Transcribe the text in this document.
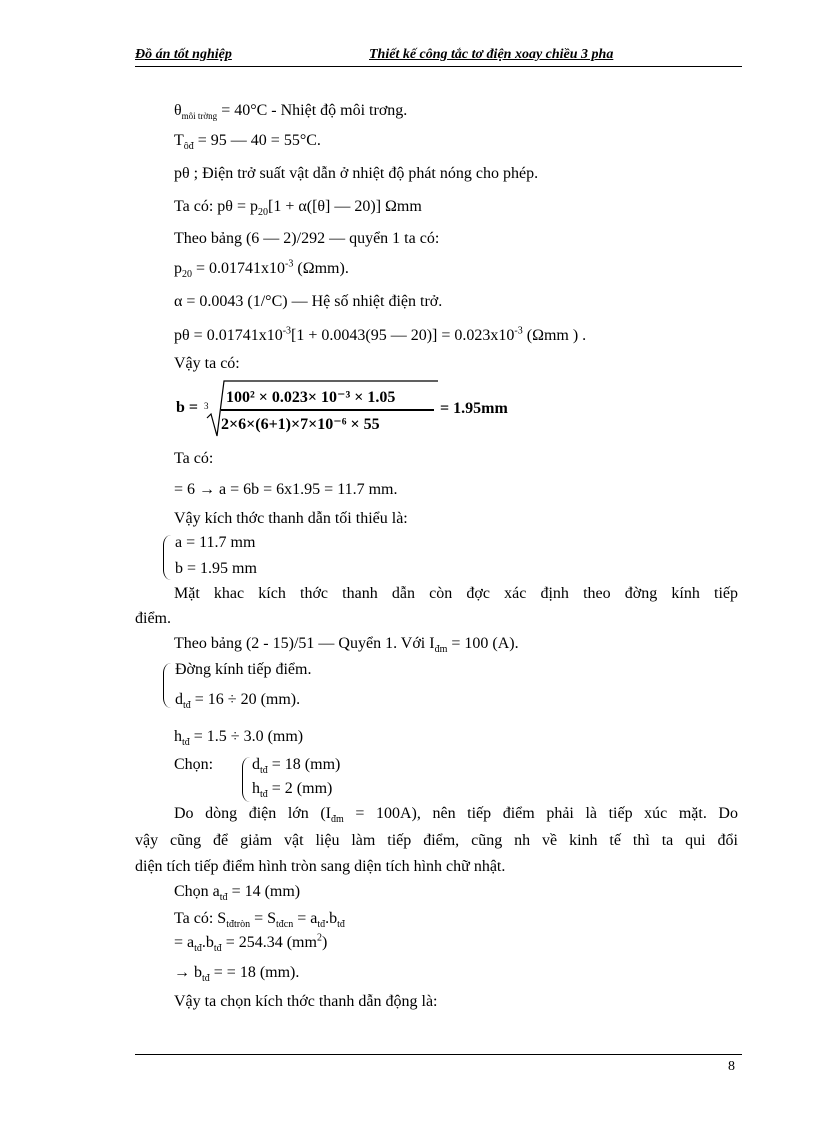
Đồ án tốt nghiệp	Thiết kế công tắc tơ điện xoay chiều 3 pha
$\theta_{môi trờng} = 40^\circ C$ - Nhiệt độ môi trơng.
$T_{ôđ} = 95$ — 40 = 55°C.
pθ ; Điện trở suất vật dẫn ở nhiệt độ phát nóng cho phép.
Ta có: $p\theta = p_{20}[1 + \alpha([\theta]$ — 20)] Ωmm
Theo bảng (6 — 2)/292 — quyển 1 ta có:
$p_{20} = 0.01741x10^{-3}$ (Ωmm).
α = 0.0043 (1/°C) — Hệ số nhiệt điện trở.
$p\theta = 0.01741x10^{-3}[1 + 0.0043(95$ — $20)] = 0.023x10^{-3}$ (Ωmm ) .
Vậy ta có:
b = 3 100² × 0.023× 10⁻³ × 1.05
2×6×(6+1)×7×10⁻⁶ × 55
= 1.95mm
Ta có:
= 6 → a = 6b = 6x1.95 = 11.7 mm.
Vậy kích thớc thanh dẫn tối thiểu là:
a = 11.7 mm
b = 1.95 mm
Mặt khac kích thớc thanh dẫn còn đợc xác định theo đờng kính tiếp
điểm.
Theo bảng (2 - 15)/51 — Quyển 1. Với $I_{đm} = 100$ (A).
Đờng kính tiếp điểm.
$d_{tđ} = 16 \div 20$ (mm).
$h_{tđ} = 1.5 \div 3.0$ (mm)
Chọn: $d_{tđ} = 18$ (mm)
$h_{tđ} = 2$ (mm)
Do dòng điện lớn $(I_{đm} = 100A)$, nên tiếp điểm phải là tiếp xúc mặt. Do
vậy cũng để giảm vật liệu làm tiếp điểm, cũng nh về kinh tế thì ta qui đổi
diện tích tiếp điểm hình tròn sang diện tích hình chữ nhật.
Chọn $a_{tđ} = 14$ (mm)
Ta có: $S_{tđtròn} = S_{tđcn} = a_{tđ}.b_{tđ}$
= $a_{tđ}.b_{tđ} = 254.34$ $(mm^2)$
→ $b_{tđ}$ = = 18 (mm).
Vậy ta chọn kích thớc thanh dẫn động là:
8
